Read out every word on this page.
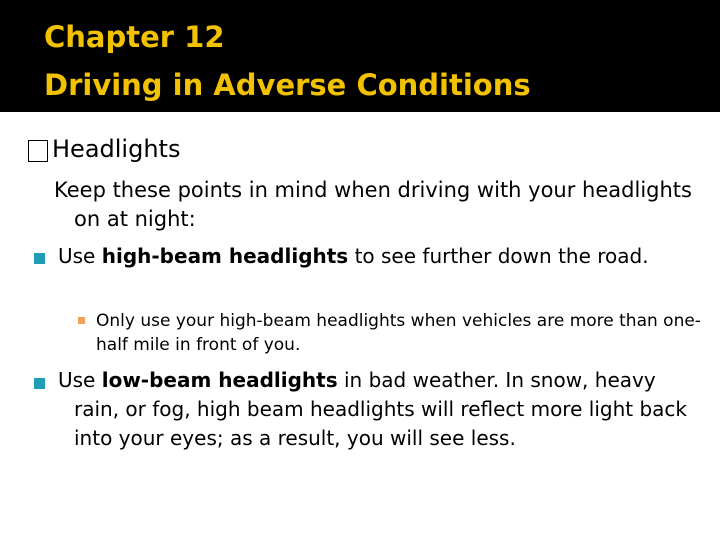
Chapter 12
Driving in Adverse Conditions
Headlights
Keep these points in mind when driving with your headlights on at night:
Use high-beam headlights to see further down the road.
Only use your high-beam headlights when vehicles are more than one-half mile in front of you.
Use low-beam headlights in bad weather. In snow, heavy rain, or fog, high beam headlights will reflect more light back into your eyes; as a result, you will see less.
